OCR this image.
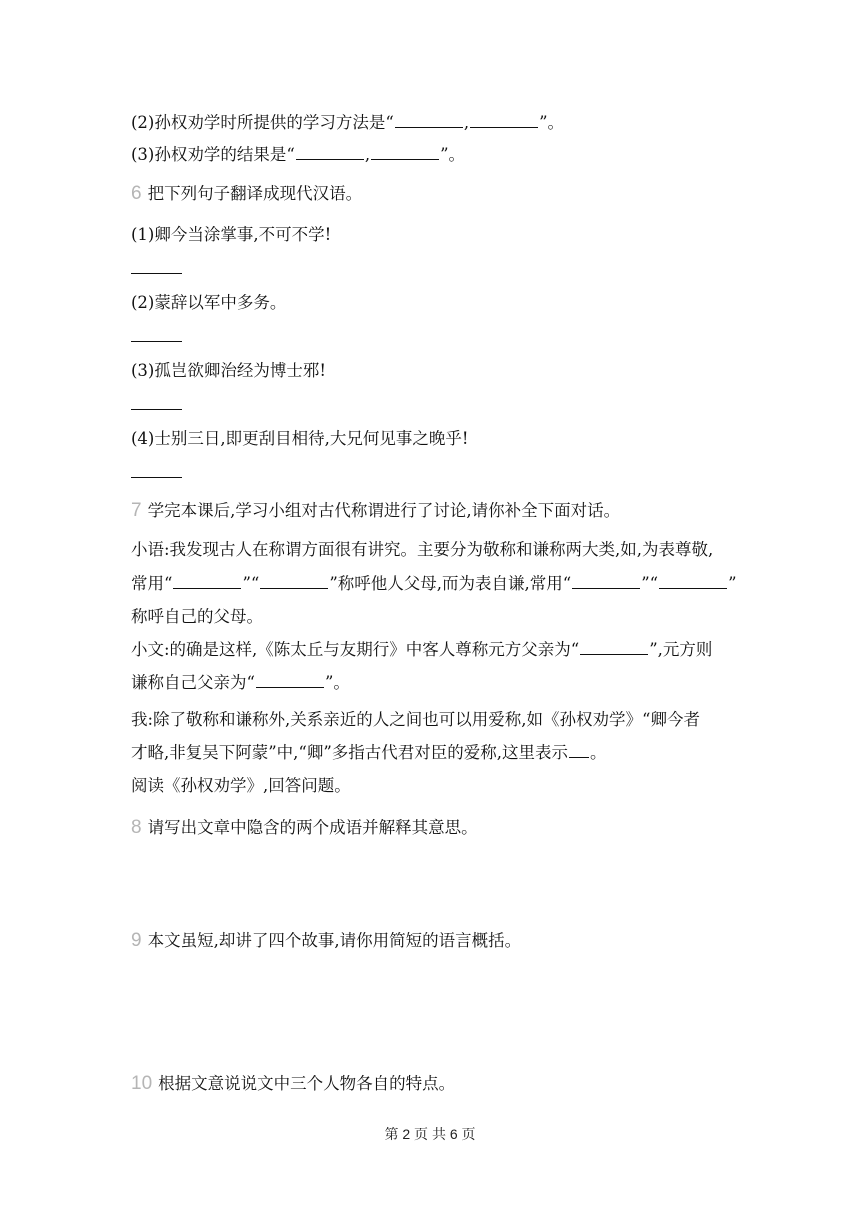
(2)孙权劝学时所提供的学习方法是“	,	”。
(3)孙权劝学的结果是“	,	”。
6 把下列句子翻译成现代汉语。
(1)卿今当涂掌事,不可不学!
(2)蒙辞以军中多务。
(3)孤岂欲卿治经为博士邪!
(4)士别三日,即更刮目相待,大兄何见事之晚乎!
7 学完本课后,学习小组对古代称谓进行了讨论,请你补全下面对话。
小语:我发现古人在称谓方面很有讲究。主要分为敬称和谦称两大类,如,为表尊敬,
常用“	”“	”称呼他人父母,而为表自谦,常用“	”“	”
称呼自己的父母。
小文:的确是这样,《陈太丘与友期行》中客人尊称元方父亲为“	”,元方则
谦称自己父亲为“	”。
我:除了敬称和谦称外,关系亲近的人之间也可以用爱称,如《孙权劝学》“卿今者
才略,非复吴下阿蒙”中,“卿”多指古代君对臣的爱称,这里表示 。
阅读《孙权劝学》,回答问题。
8 请写出文章中隐含的两个成语并解释其意思。
9 本文虽短,却讲了四个故事,请你用简短的语言概括。
10 根据文意说说文中三个人物各自的特点。
第 2 页 共 6 页
